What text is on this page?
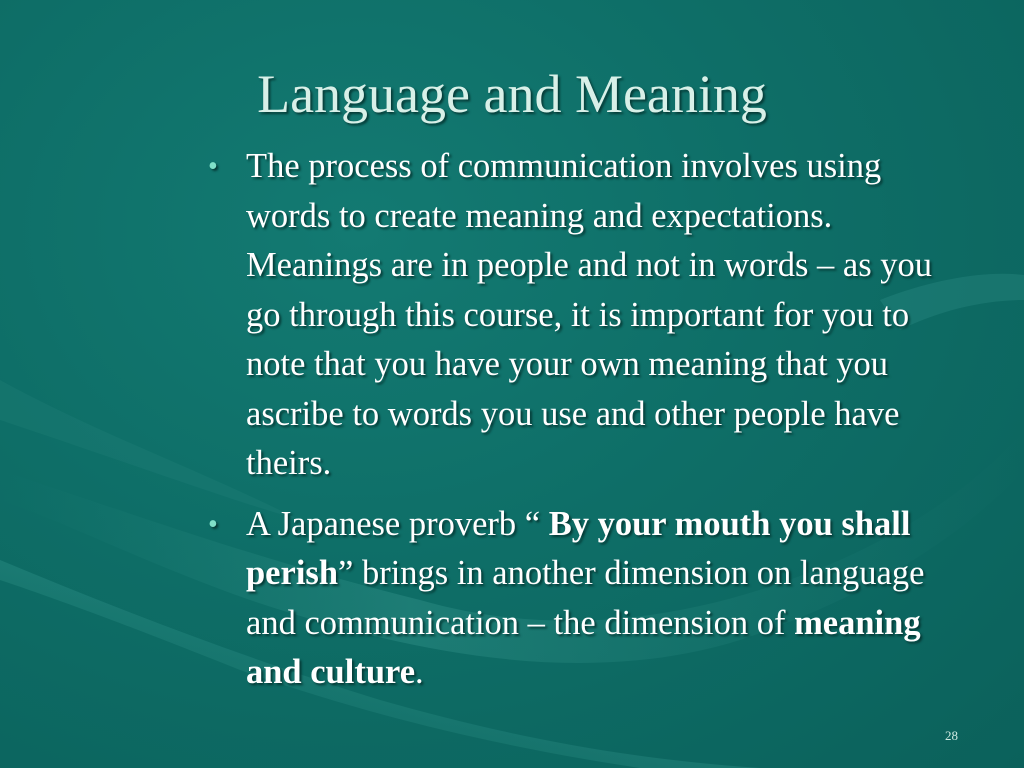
Language and Meaning
• The process of communication involves using words to create meaning and expectations. Meanings are in people and not in words – as you go through this course, it is important for you to note that you have your own meaning that you ascribe to words you use and other people have theirs.
• A Japanese proverb “ By your mouth you shall perish” brings in another dimension on language and communication – the dimension of meaning and culture.
28
